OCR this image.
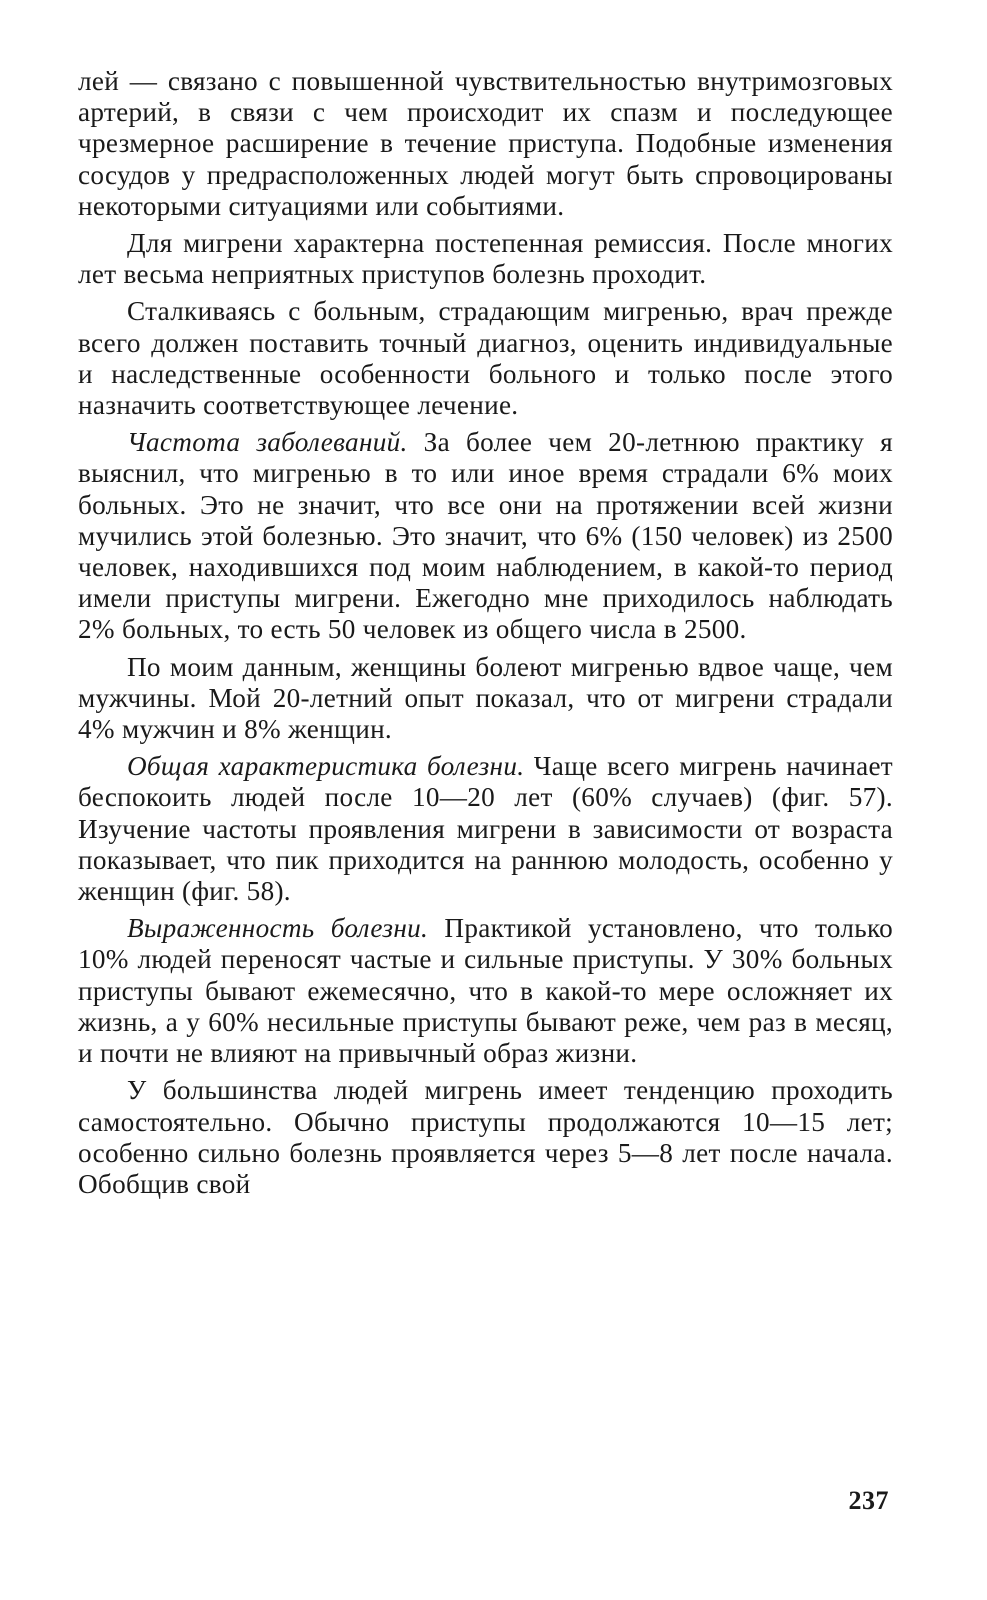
лей — связано с повышенной чувствительностью внутримозговых артерий, в связи с чем происходит их спазм и последующее чрезмерное расширение в течение приступа. Подобные изменения сосудов у предрасположенных людей могут быть спровоцированы некоторыми ситуациями или событиями.

Для мигрени характерна постепенная ремиссия. После многих лет весьма неприятных приступов болезнь проходит.

Сталкиваясь с больным, страдающим мигренью, врач прежде всего должен поставить точный диагноз, оценить индивидуальные и наследственные особенности больного и только после этого назначить соответствующее лечение.

Частота заболеваний. За более чем 20-летнюю практику я выяснил, что мигренью в то или иное время страдали 6% моих больных. Это не значит, что все они на протяжении всей жизни мучились этой болезнью. Это значит, что 6% (150 человек) из 2500 человек, находившихся под моим наблюдением, в какой-то период имели приступы мигрени. Ежегодно мне приходилось наблюдать 2% больных, то есть 50 человек из общего числа в 2500.

По моим данным, женщины болеют мигренью вдвое чаще, чем мужчины. Мой 20-летний опыт показал, что от мигрени страдали 4% мужчин и 8% женщин.

Общая характеристика болезни. Чаще всего мигрень начинает беспокоить людей после 10—20 лет (60% случаев) (фиг. 57). Изучение частоты проявления мигрени в зависимости от возраста показывает, что пик приходится на раннюю молодость, особенно у женщин (фиг. 58).

Выраженность болезни. Практикой установлено, что только 10% людей переносят частые и сильные приступы. У 30% больных приступы бывают ежемесячно, что в какой-то мере осложняет их жизнь, а у 60% несильные приступы бывают реже, чем раз в месяц, и почти не влияют на привычный образ жизни.

У большинства людей мигрень имеет тенденцию проходить самостоятельно. Обычно приступы продолжаются 10—15 лет; особенно сильно болезнь проявляется через 5—8 лет после начала. Обобщив свой

237
